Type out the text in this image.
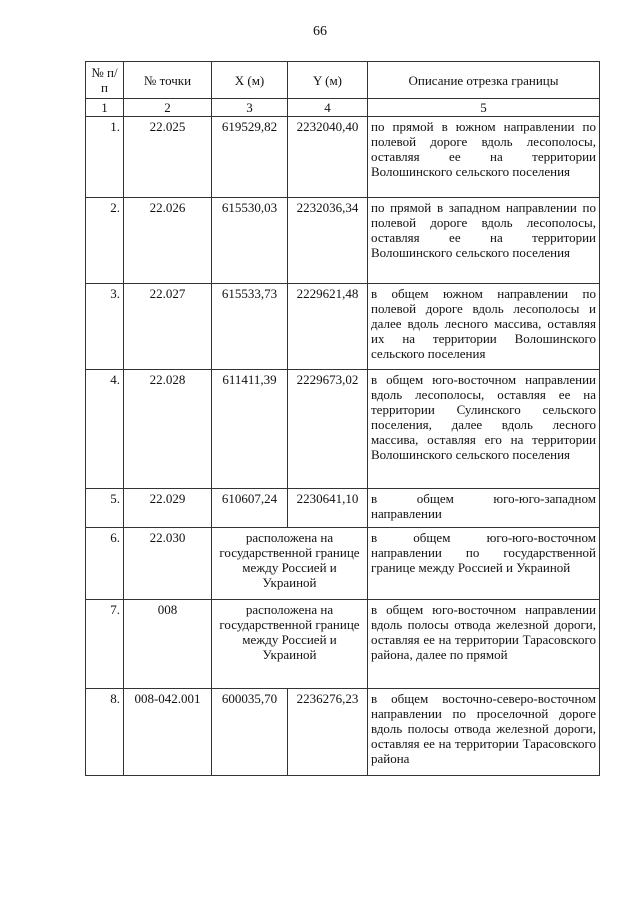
66
№ п/п	№ точки	X (м)	Y (м)	Описание отрезка границы
1	2	3	4	5
1.	22.025	619529,82	2232040,40	по прямой в южном направлении по полевой дороге вдоль лесополосы, оставляя ее на территории Волошинского сельского поселения
2.	22.026	615530,03	2232036,34	по прямой в западном направлении по полевой дороге вдоль лесополосы, оставляя ее на территории Волошинского сельского поселения
3.	22.027	615533,73	2229621,48	в общем южном направлении по полевой дороге вдоль лесополосы и далее вдоль лесного массива, оставляя их на территории Волошинского сельского поселения
4.	22.028	611411,39	2229673,02	в общем юго-восточном направлении вдоль лесополосы, оставляя ее на территории Сулинского сельского поселения, далее вдоль лесного массива, оставляя его на территории Волошинского сельского поселения
5.	22.029	610607,24	2230641,10	в общем юго-юго-западном направлении
6.	22.030	расположена на государственной границе между Россией и Украиной		в общем юго-юго-восточном направлении по государственной границе между Россией и Украиной
7.	008	расположена на государственной границе между Россией и Украиной		в общем юго-восточном направлении вдоль полосы отвода железной дороги, оставляя ее на территории Тарасовского района, далее по прямой
8.	008-042.001	600035,70	2236276,23	в общем восточно-северо-восточном направлении по проселочной дороге вдоль полосы отвода железной дороги, оставляя ее на территории Тарасовского района
